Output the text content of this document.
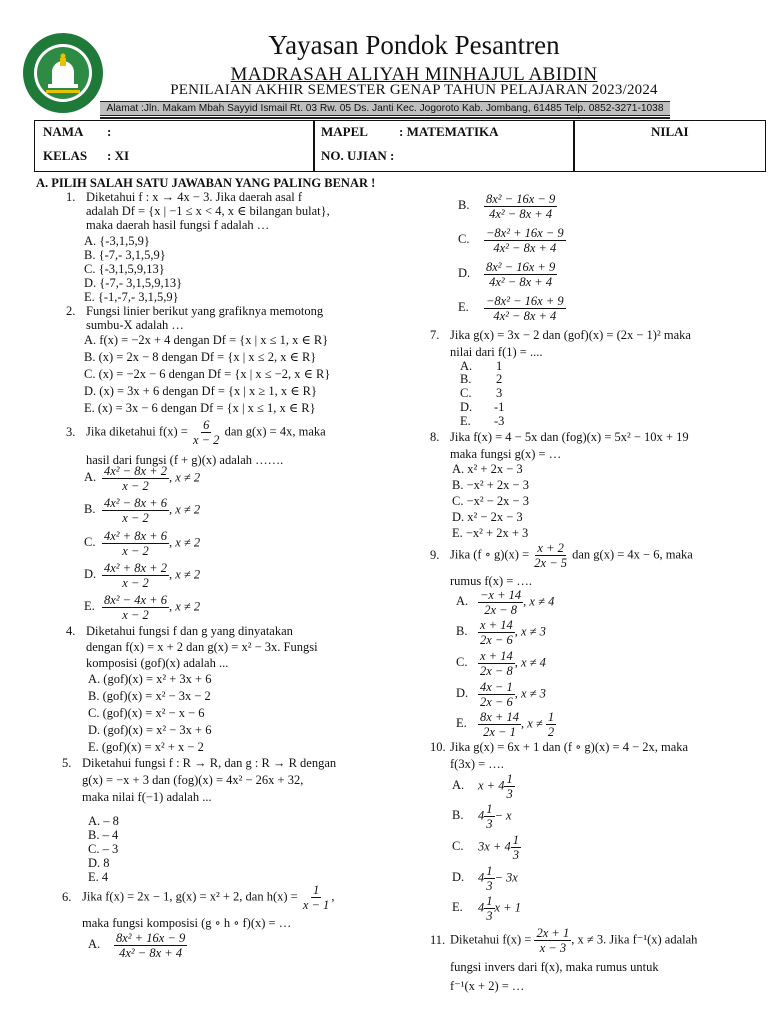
Yayasan Pondok Pesantren
MADRASAH ALIYAH MINHAJUL ABIDIN
PENILAIAN AKHIR SEMESTER GENAP TAHUN PELAJARAN 2023/2024
Alamat :Jln. Makam Mbah Sayyid Ismail Rt. 03 Rw. 05 Ds. Janti Kec. Jogoroto Kab. Jombang, 61485 Telp. 0852-3271-1038
NAMA :
KELAS : XI
MAPEL : MATEMATIKA
NO. UJIAN :
NILAI
A. PILIH SALAH SATU JAWABAN YANG PALING BENAR !
1. Diketahui f : x → 4x − 3. Jika daerah asal f
adalah Df = {x | −1 ≤ x < 4, x ∈ bilangan bulat},
maka daerah hasil fungsi f adalah …
A. {-3,1,5,9}
B. {-7,- 3,1,5,9}
C. {-3,1,5,9,13}
D. {-7,- 3,1,5,9,13}
E. {-1,-7,- 3,1,5,9}
2. Fungsi linier berikut yang grafiknya memotong
sumbu-X adalah …
A. f(x) = −2x + 4 dengan Df = {x | x ≤ 1, x ∈ R}
B. (x) = 2x − 8 dengan Df = {x | x ≤ 2, x ∈ R}
C. (x) = −2x − 6 dengan Df = {x | x ≤ −2, x ∈ R}
D. (x) = 3x + 6 dengan Df = {x | x ≥ 1, x ∈ R}
E. (x) = 3x − 6 dengan Df = {x | x ≤ 1, x ∈ R}
3. Jika diketahui $f(x) = \frac{6}{x - 2}$ dan g(x) = 4x, maka
hasil dari fungsi (f + g)(x) adalah …….
A. $\frac{\text{4x² − 8x + 2}}{x - 2}$ , x ≠ 2
B. $\frac{\text{4x² − 8x + 6}}{x - 2}$ , x ≠ 2
C. $\frac{\text{4x² + 8x + 6}}{x - 2}$ , x ≠ 2
D. $\frac{\text{4x² + 8x + 2}}{x - 2}$ , x ≠ 2
E. $\frac{\text{8x² − 4x + 6}}{x - 2}$ , x ≠ 2
4. Diketahui fungsi f dan g yang dinyatakan
dengan f(x) = x + 2 dan g(x) = x² − 3x. Fungsi
komposisi (gof)(x) adalah ...
A. (gof)(x) = x² + 3x + 6
B. (gof)(x) = x² − 3x − 2
C. (gof)(x) = x² − x − 6
D. (gof)(x) = x² − 3x + 6
E. (gof)(x) = x² + x − 2
5. Diketahui fungsi f : R → R, dan g : R → R dengan
g(x) = −x + 3 dan (fog)(x) = 4x² − 26x + 32,
maka nilai f(−1) adalah ...
A. – 8
B. – 4
C. – 3
D. 8
E. 4
6. Jika f(x) = 2x − 1, g(x) = x² + 2, dan $h(x) = \frac{1}{x - 1}$ ,
maka fungsi komposisi (g ∘ h ∘ f)(x) = …
A. $\frac{\text{8x² + 16x − 9}}{\text{4x² − 8x + 4}}$
B. $\frac{\text{8x² − 16x − 9}}{\text{4x² − 8x + 4}}$
C. $\frac{\text{−8x² + 16x − 9}}{\text{4x² − 8x + 4}}$
D. $\frac{\text{8x² − 16x + 9}}{\text{4x² − 8x + 4}}$
E. $\frac{\text{−8x² − 16x + 9}}{\text{4x² − 8x + 4}}$
7. Jika g(x) = 3x − 2 dan (gof)(x) = (2x − 1)² maka
nilai dari f(1) = ....
A. 1
B. 2
C. 3
D. -1
E. -3
8. Jika f(x) = 4 − 5x dan (fog)(x) = 5x² − 10x + 19
maka fungsi g(x) = …
A. x² + 2x − 3
B. −x² + 2x − 3
C. −x² − 2x − 3
D. x² − 2x − 3
E. −x² + 2x + 3
9. Jika (f ∘ $g)(x) = \frac{x + 2}{2x - 5}$ dan g(x) = 4x − 6, maka
rumus f(x) = ….
A. $\frac{-x + 14}{2x - 8}$ , x ≠ 4
B. $\frac{x + 14}{2x - 6}$ , x ≠ 3
C. $\frac{x + 14}{2x - 8}$ , x ≠ 4
D. $\frac{4x - 1}{2x - 6}$ , x ≠ 3
E. $\frac{8x + 14}{2x - 1}$ , $x \ne \frac{1}{2}$
10. Jika g(x) = 6x + 1 dan (f ∘ g)(x) = 4 − 2x, maka
f(3x) = ….
A. $x + 4 \frac{1}{3}$
B. $4 \frac{1}{3} - x$
C. $3x + 4 \frac{1}{3}$
D. $4 \frac{1}{3} - 3x$
E. $4 \frac{1}{3}$ x + 1
11. Diketahui $f(x) = \frac{2x + 1}{x - 3}$ , x ≠ 3. Jika f⁻¹(x) adalah
fungsi invers dari f(x), maka rumus untuk
f⁻¹(x + 2) = …
